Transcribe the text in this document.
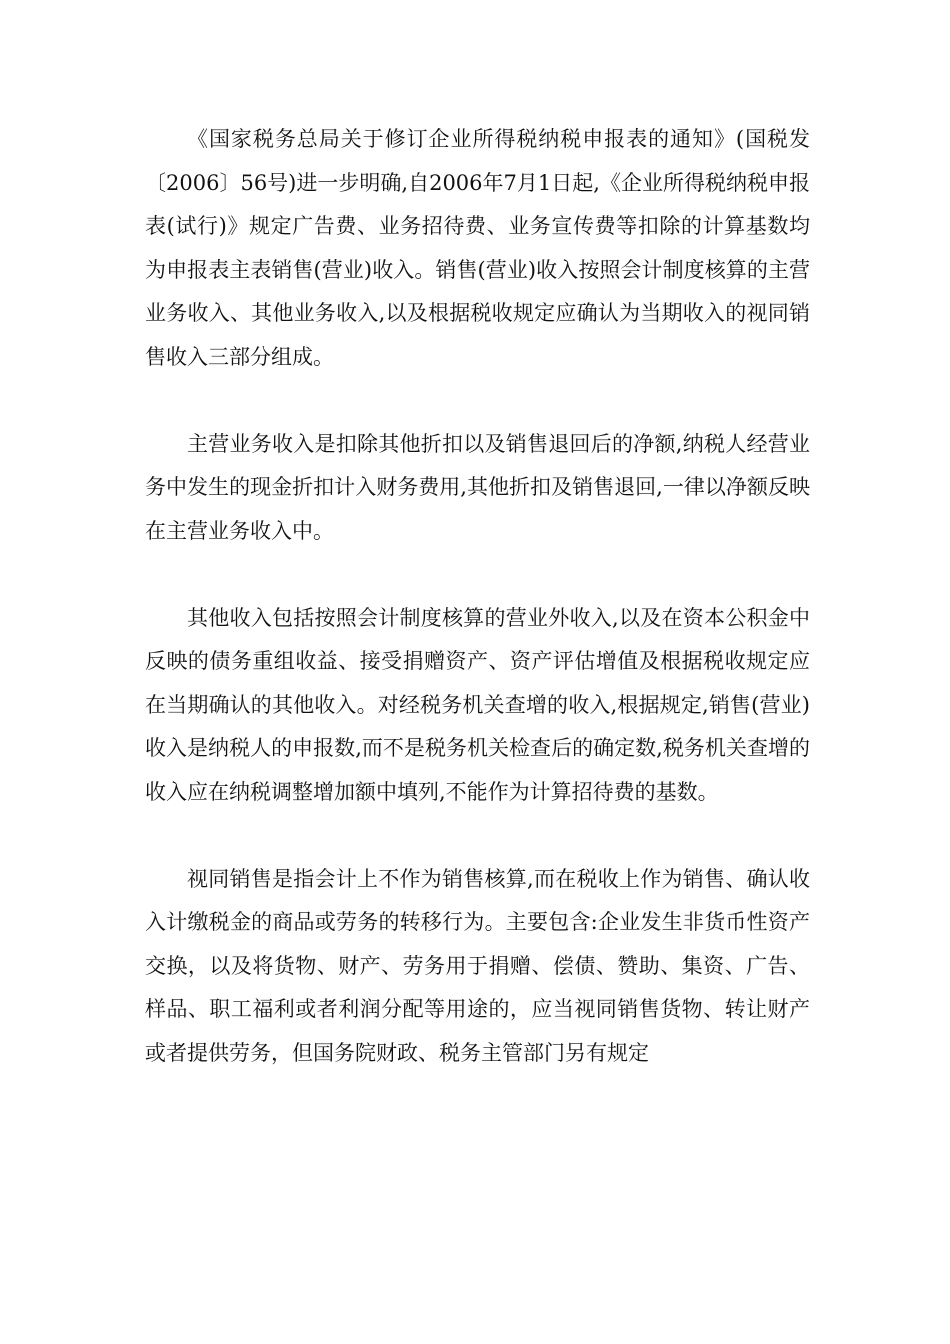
《国家税务总局关于修订企业所得税纳税申报表的通知》(国税发〔2006〕56号)进一步明确,自2006年7月1日起,《企业所得税纳税申报表(试行)》规定广告费、业务招待费、业务宣传费等扣除的计算基数均为申报表主表销售(营业)收入。销售(营业)收入按照会计制度核算的主营业务收入、其他业务收入,以及根据税收规定应确认为当期收入的视同销售收入三部分组成。

主营业务收入是扣除其他折扣以及销售退回后的净额,纳税人经营业务中发生的现金折扣计入财务费用,其他折扣及销售退回,一律以净额反映在主营业务收入中。

其他收入包括按照会计制度核算的营业外收入,以及在资本公积金中反映的债务重组收益、接受捐赠资产、资产评估增值及根据税收规定应在当期确认的其他收入。对经税务机关查增的收入,根据规定,销售(营业)收入是纳税人的申报数,而不是税务机关检查后的确定数,税务机关查增的收入应在纳税调整增加额中填列,不能作为计算招待费的基数。

视同销售是指会计上不作为销售核算,而在税收上作为销售、确认收入计缴税金的商品或劳务的转移行为。主要包含:企业发生非货币性资产交换，以及将货物、财产、劳务用于捐赠、偿债、赞助、集资、广告、样品、职工福利或者利润分配等用途的，应当视同销售货物、转让财产或者提供劳务，但国务院财政、税务主管部门另有规定
